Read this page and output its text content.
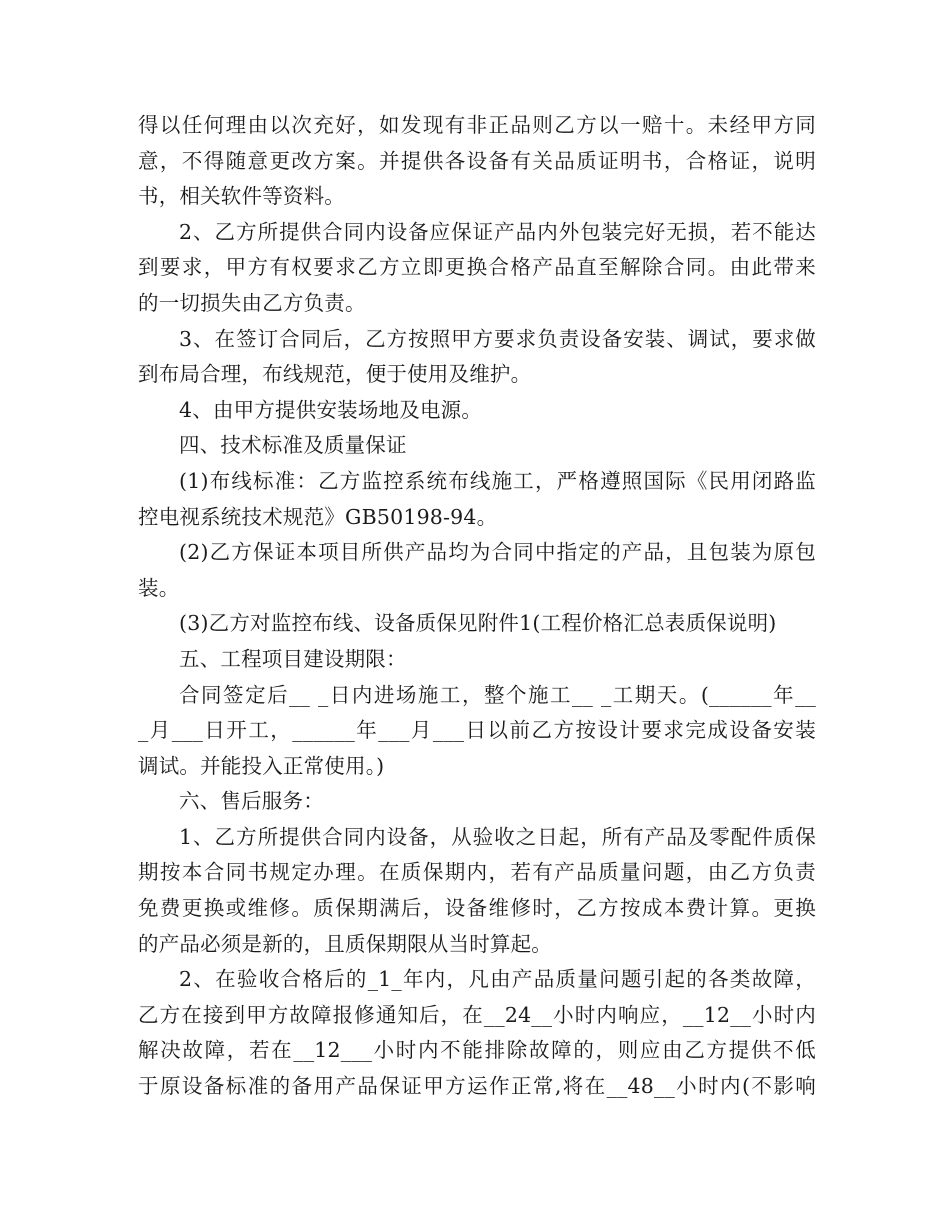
得以任何理由以次充好，如发现有非正品则乙方以一赔十。未经甲方同
意，不得随意更改方案。并提供各设备有关品质证明书，合格证，说明
书，相关软件等资料。
2、乙方所提供合同内设备应保证产品内外包装完好无损，若不能达
到要求，甲方有权要求乙方立即更换合格产品直至解除合同。由此带来
的一切损失由乙方负责。
3、在签订合同后，乙方按照甲方要求负责设备安装、调试，要求做
到布局合理，布线规范，便于使用及维护。
4、由甲方提供安装场地及电源。
四、技术标准及质量保证
(1)布线标准：乙方监控系统布线施工，严格遵照国际《民用闭路监
控电视系统技术规范》GB50198-94。
(2)乙方保证本项目所供产品均为合同中指定的产品，且包装为原包
装。
(3)乙方对监控布线、设备质保见附件1(工程价格汇总表质保说明)
五、工程项目建设期限：
合同签定后__ _日内进场施工，整个施工__ _工期天。(______年__
_月___日开工，______年___月___日以前乙方按设计要求完成设备安装
调试。并能投入正常使用。)
六、售后服务：
1、乙方所提供合同内设备，从验收之日起，所有产品及零配件质保
期按本合同书规定办理。在质保期内，若有产品质量问题，由乙方负责
免费更换或维修。质保期满后，设备维修时，乙方按成本费计算。更换
的产品必须是新的，且质保期限从当时算起。
2、在验收合格后的_1_年内，凡由产品质量问题引起的各类故障，
乙方在接到甲方故障报修通知后，在__24__小时内响应，__12__小时内
解决故障，若在__12___小时内不能排除故障的，则应由乙方提供不低
于原设备标准的备用产品保证甲方运作正常,将在__48__小时内(不影响
